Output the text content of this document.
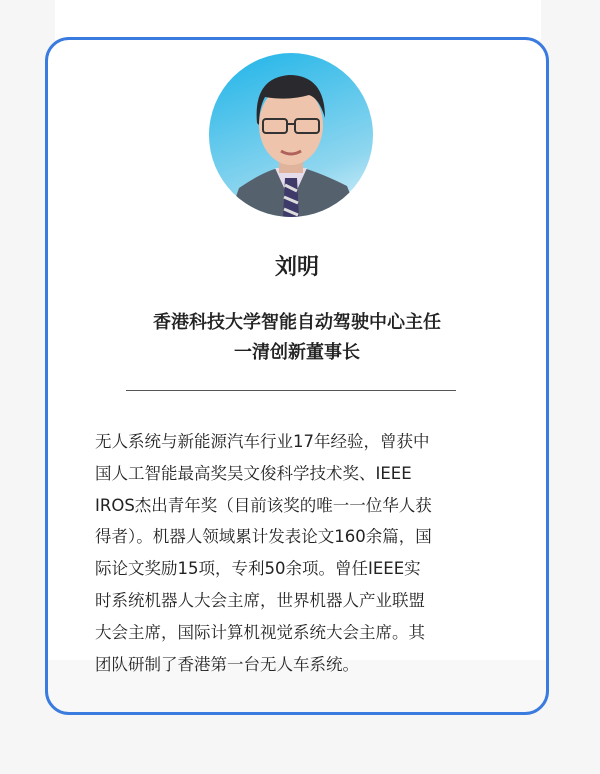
刘明
香港科技大学智能自动驾驶中心主任
一清创新董事长
无人系统与新能源汽车行业17年经验，曾获中
国人工智能最高奖吴文俊科学技术奖、IEEE
IROS杰出青年奖（目前该奖的唯一一位华人获
得者）。机器人领域累计发表论文160余篇，国
际论文奖励15项，专利50余项。曾任IEEE实
时系统机器人大会主席，世界机器人产业联盟
大会主席，国际计算机视觉系统大会主席。其
团队研制了香港第一台无人车系统。
